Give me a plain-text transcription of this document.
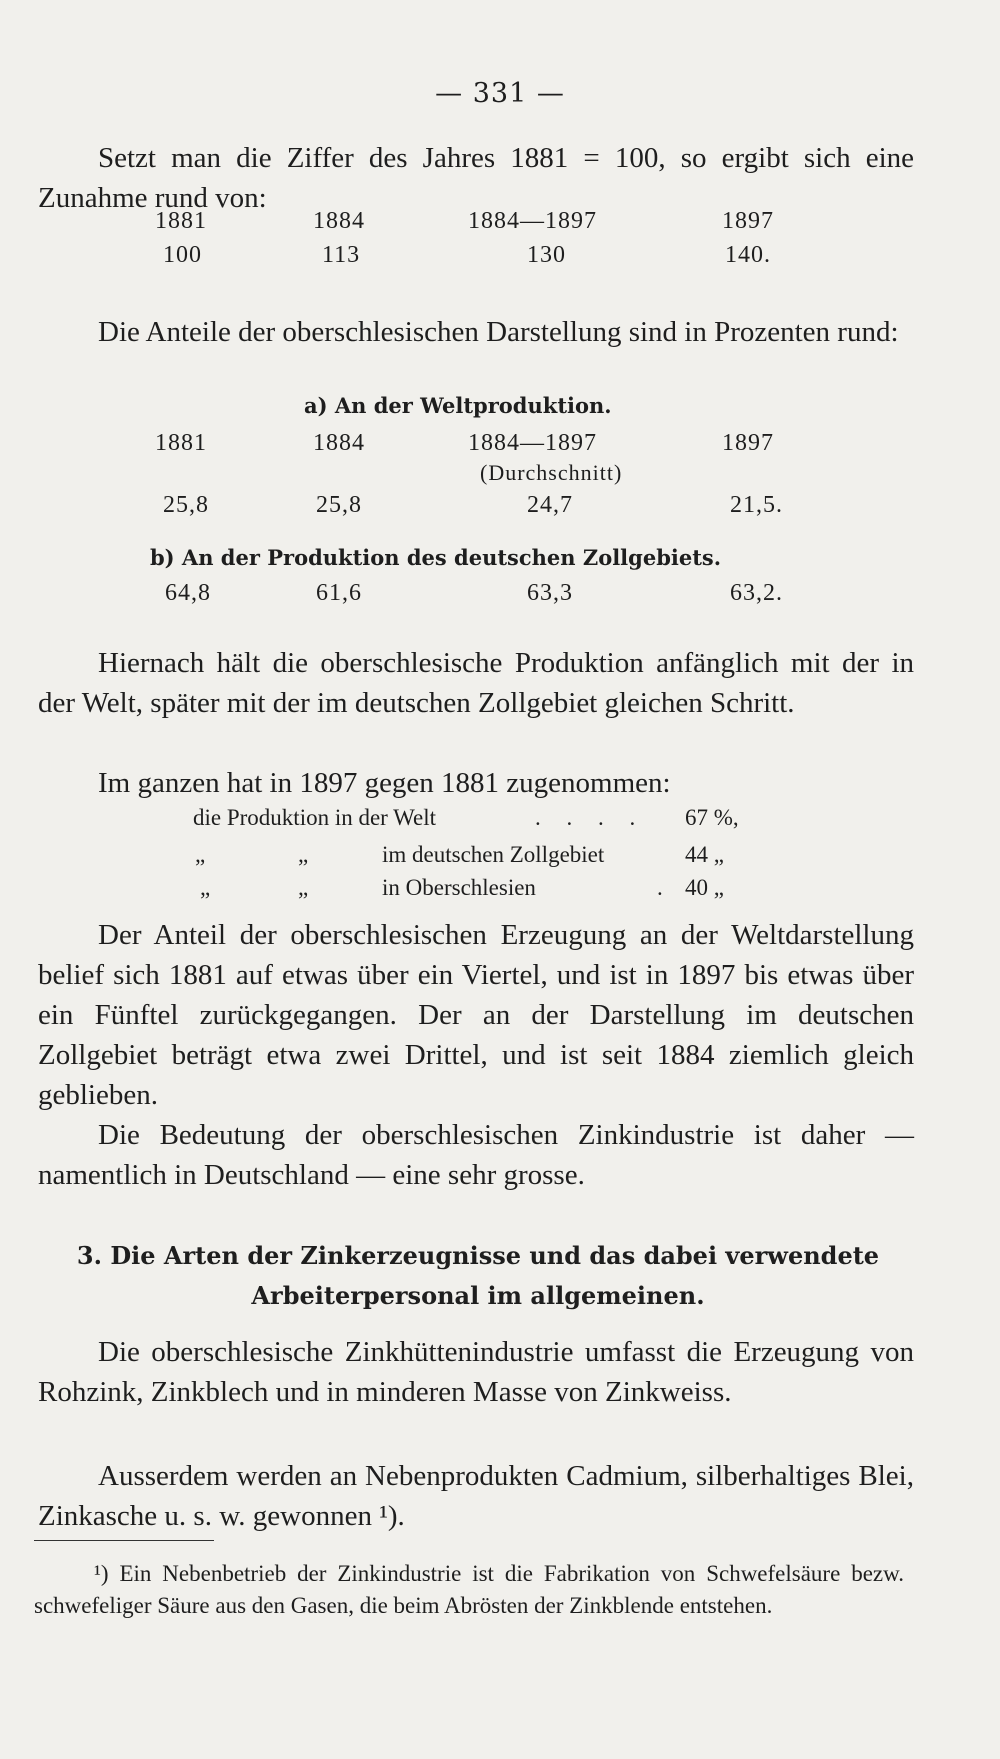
— 331 —

Setzt man die Ziffer des Jahres 1881 = 100, so ergibt sich eine Zunahme rund von:

1881	1884	1884—1897	1897
100	113	130	140.

Die Anteile der oberschlesischen Darstellung sind in Prozenten rund:

a) An der Weltproduktion.
1881	1884	1884—1897	1897
(Durchschnitt)
25,8	25,8	24,7	21,5.
b) An der Produktion des deutschen Zollgebiets.
64,8	61,6	63,3	63,2.

Hiernach hält die oberschlesische Produktion anfänglich mit der in der Welt, später mit der im deutschen Zollgebiet gleichen Schritt.

Im ganzen hat in 1897 gegen 1881 zugenommen:

die Produktion in der Welt	. . . . 67 %,
„	„	im deutschen Zollgebiet	44 „
„	„	in Oberschlesien	. 40 „

Der Anteil der oberschlesischen Erzeugung an der Weltdarstellung belief sich 1881 auf etwas über ein Viertel, und ist in 1897 bis etwas über ein Fünftel zurückgegangen. Der an der Darstellung im deutschen Zollgebiet beträgt etwa zwei Drittel, und ist seit 1884 ziemlich gleich geblieben.

Die Bedeutung der oberschlesischen Zinkindustrie ist daher — namentlich in Deutschland — eine sehr grosse.

3. Die Arten der Zinkerzeugnisse und das dabei verwendete
Arbeiterpersonal im allgemeinen.

Die oberschlesische Zinkhüttenindustrie umfasst die Erzeugung von Rohzink, Zinkblech und in minderen Masse von Zinkweiss.

Ausserdem werden an Nebenprodukten Cadmium, silberhaltiges Blei, Zinkasche u. s. w. gewonnen ¹).

¹) Ein Nebenbetrieb der Zinkindustrie ist die Fabrikation von Schwefelsäure bezw. schwefeliger Säure aus den Gasen, die beim Abrösten der Zinkblende entstehen.
